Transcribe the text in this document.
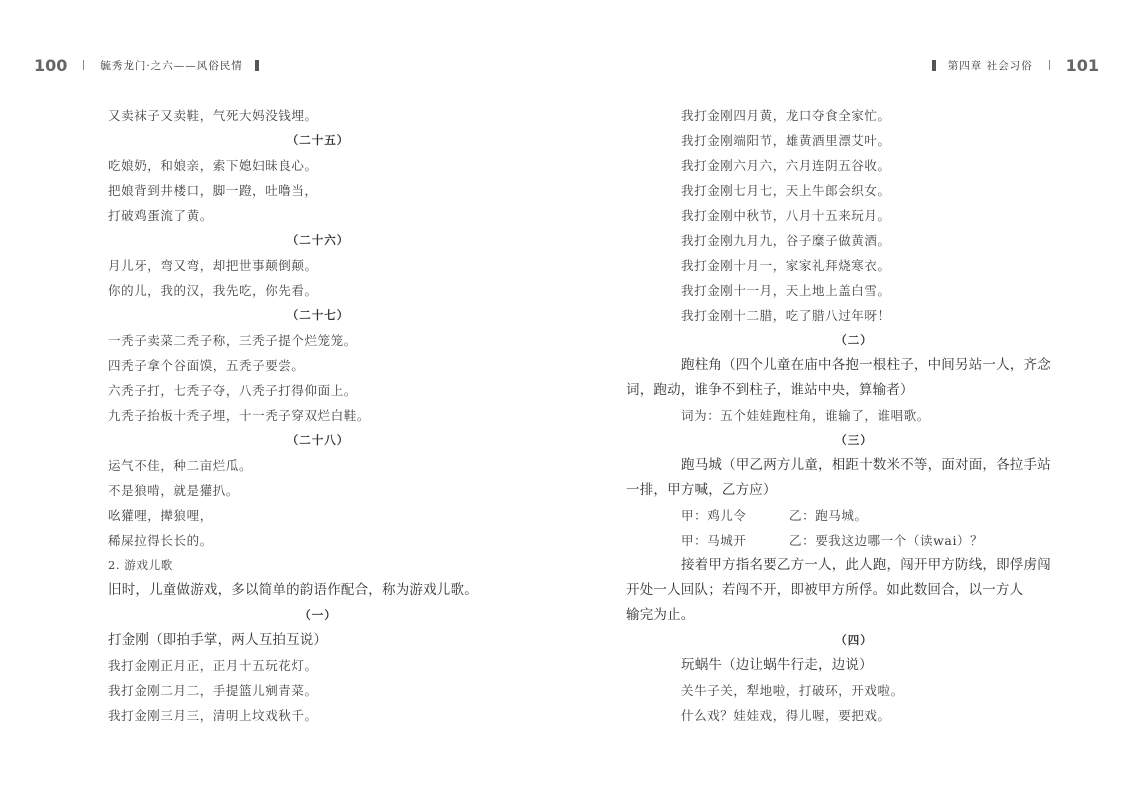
100	毓秀龙门·之六——风俗民情
又卖袜子又卖鞋，气死大妈没钱埋。
（二十五）
吃娘奶，和娘亲，索下媳妇昧良心。
把娘背到井楼口，脚一蹬，吐噜当，
打破鸡蛋流了黄。
（二十六）
月儿牙，弯又弯，却把世事颠倒颠。
你的儿，我的汉，我先吃，你先看。
（二十七）
一秃子卖菜二秃子称，三秃子提个烂笼笼。
四秃子拿个谷面馍，五秃子要尝。
六秃子打，七秃子夺，八秃子打得仰面上。
九秃子抬板十秃子埋，十一秃子穿双烂白鞋。
（二十八）
运气不佳，种二亩烂瓜。
不是狼啃，就是獾扒。
吆獾哩，撵狼哩，
稀屎拉得长长的。
2. 游戏儿歌
旧时，儿童做游戏，多以简单的韵语作配合，称为游戏儿歌。
（一）
打金刚（即拍手掌，两人互拍互说）
我打金刚正月正，正月十五玩花灯。
我打金刚二月二，手提篮儿剜青菜。
我打金刚三月三，清明上坟戏秋千。
第四章 社会习俗 101
我打金刚四月黄，龙口夺食全家忙。
我打金刚端阳节，雄黄酒里漂艾叶。
我打金刚六月六，六月连阴五谷收。
我打金刚七月七，天上牛郎会织女。
我打金刚中秋节，八月十五来玩月。
我打金刚九月九，谷子糜子做黄酒。
我打金刚十月一，家家礼拜烧寒衣。
我打金刚十一月，天上地上盖白雪。
我打金刚十二腊，吃了腊八过年呀！
（二）
跑柱角（四个儿童在庙中各抱一根柱子，中间另站一人，齐念
词，跑动，谁争不到柱子，谁站中央，算输者）
词为：五个娃娃跑柱角，谁输了，谁唱歌。
（三）
跑马城（甲乙两方儿童，相距十数米不等，面对面，各拉手站
一排，甲方喊，乙方应）
甲：鸡儿令	乙：跑马城。
甲：马城开	乙：要我这边哪一个（读wai）？
接着甲方指名要乙方一人，此人跑，闯开甲方防线，即俘虏闯
开处一人回队；若闯不开，即被甲方所俘。如此数回合，以一方人
输完为止。
（四）
玩蜗牛（边让蜗牛行走，边说）
关牛子关，犁地啦，打破环，开戏啦。
什么戏？娃娃戏，得儿喔，要把戏。
